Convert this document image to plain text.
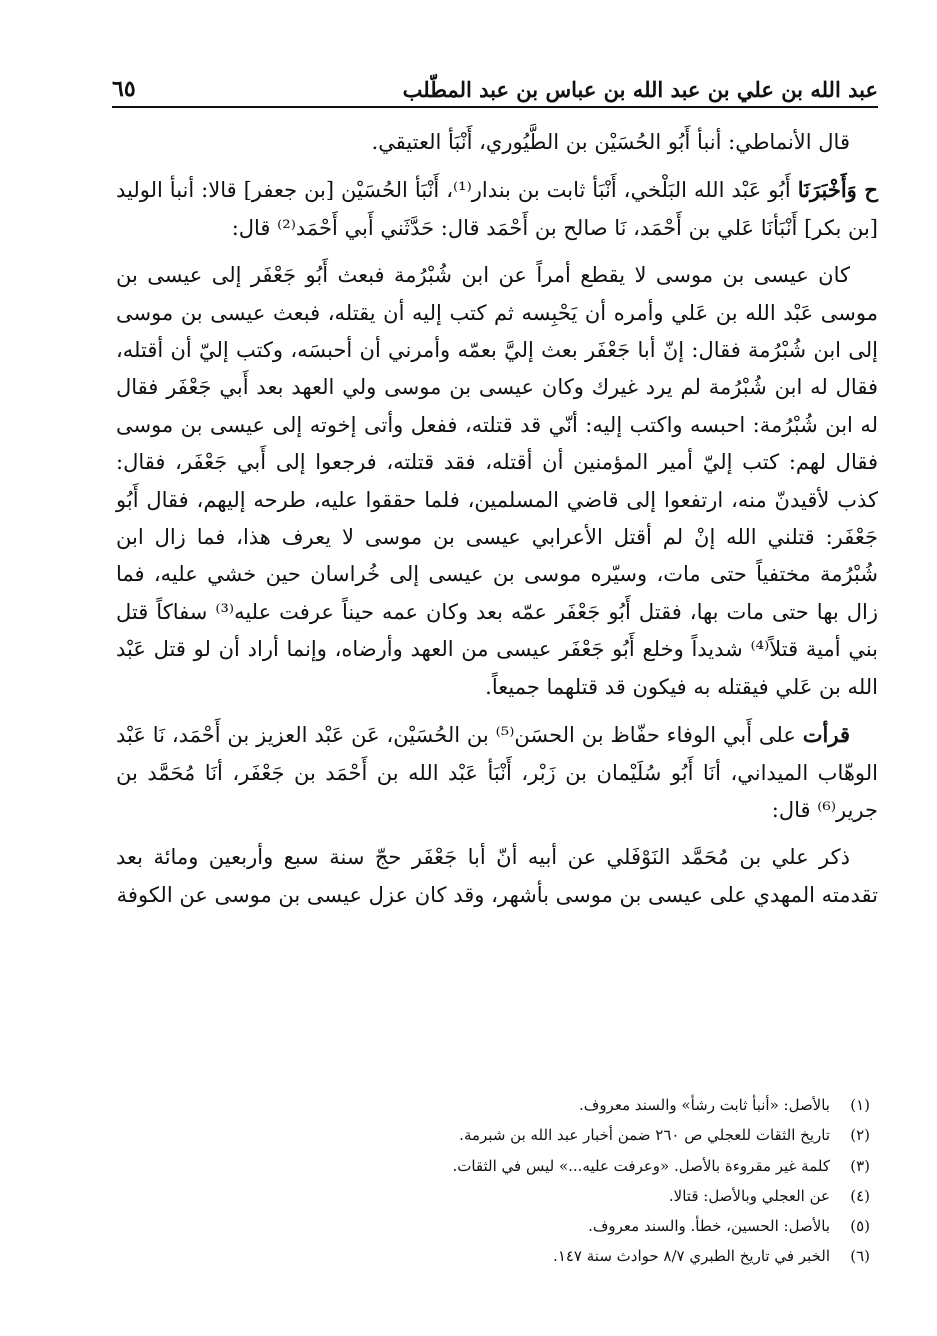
عبد الله بن علي بن عبد الله بن عباس بن عبد المطّلب
٦٥

قال الأنماطي: أنبأ أَبُو الحُسَيْن بن الطَّيُوري، أَنْبَأ العتيقي.

ح وَأَخْبَرَنَا أَبُو عَبْد الله البَلْخي، أَنْبَأ ثابت بن بندار⁽¹⁾، أَنْبَأ الحُسَيْن [بن جعفر] قالا: أنبأ الوليد [بن بكر] أَنْبَأنَا عَلي بن أَحْمَد، نَا صالح بن أَحْمَد قال: حَدَّثَني أَبي أَحْمَد⁽²⁾ قال:

كان عيسى بن موسى لا يقطع أمراً عن ابن شُبْرُمة فبعث أَبُو جَعْفَر إلى عيسى بن موسى عَبْد الله بن عَلي وأمره أن يَحْبِسه ثم كتب إليه أن يقتله، فبعث عيسى بن موسى إلى ابن شُبْرُمة فقال: إنّ أبا جَعْفَر بعث إليَّ بعمّه وأمرني أن أحبسَه، وكتب إليّ أن أقتله، فقال له ابن شُبْرُمة لم يرد غيرك وكان عيسى بن موسى ولي العهد بعد أَبي جَعْفَر فقال له ابن شُبْرُمة: احبسه واكتب إليه: أنّي قد قتلته، ففعل وأتى إخوته إلى عيسى بن موسى فقال لهم: كتب إليّ أمير المؤمنين أن أقتله، فقد قتلته، فرجعوا إلى أَبي جَعْفَر، فقال: كذب لأقيدنّ منه، ارتفعوا إلى قاضي المسلمين، فلما حققوا عليه، طرحه إليهم، فقال أَبُو جَعْفَر: قتلني الله إنْ لم أقتل الأعرابي عيسى بن موسى لا يعرف هذا، فما زال ابن شُبْرُمة مختفياً حتى مات، وسيّره موسى بن عيسى إلى خُراسان حين خشي عليه، فما زال بها حتى مات بها، فقتل أَبُو جَعْفَر عمّه بعد وكان عمه حيناً عرفت عليه⁽³⁾ سفاكاً قتل بني أمية قتلاً⁽⁴⁾ شديداً وخلع أَبُو جَعْفَر عيسى من العهد وأرضاه، وإنما أراد أن لو قتل عَبْد الله بن عَلي فيقتله به فيكون قد قتلهما جميعاً.

قرأت على أَبي الوفاء حفّاظ بن الحسَن⁽⁵⁾ بن الحُسَيْن، عَن عَبْد العزيز بن أَحْمَد، نَا عَبْد الوهّاب الميداني، أنَا أَبُو سُلَيْمان بن زَبْر، أَنْبَأ عَبْد الله بن أَحْمَد بن جَعْفَر، أنَا مُحَمَّد بن جرير⁽⁶⁾ قال:

ذكر علي بن مُحَمَّد النَوْفَلي عن أبيه أنّ أبا جَعْفَر حجّ سنة سبع وأربعين ومائة بعد تقدمته المهدي على عيسى بن موسى بأشهر، وقد كان عزل عيسى بن موسى عن الكوفة

(١)
بالأصل: «أنبأ ثابت رشأ» والسند معروف.
(٢)
تاريخ الثقات للعجلي ص ٢٦٠ ضمن أخبار عبد الله بن شبرمة.
(٣)
كلمة غير مقروءة بالأصل. «وعرفت عليه...» ليس في الثقات.
(٤)
عن العجلي وبالأصل: قتالا.
(٥)
بالأصل: الحسين، خطأ. والسند معروف.
(٦)
الخبر في تاريخ الطبري ٨/٧ حوادث سنة ١٤٧.
